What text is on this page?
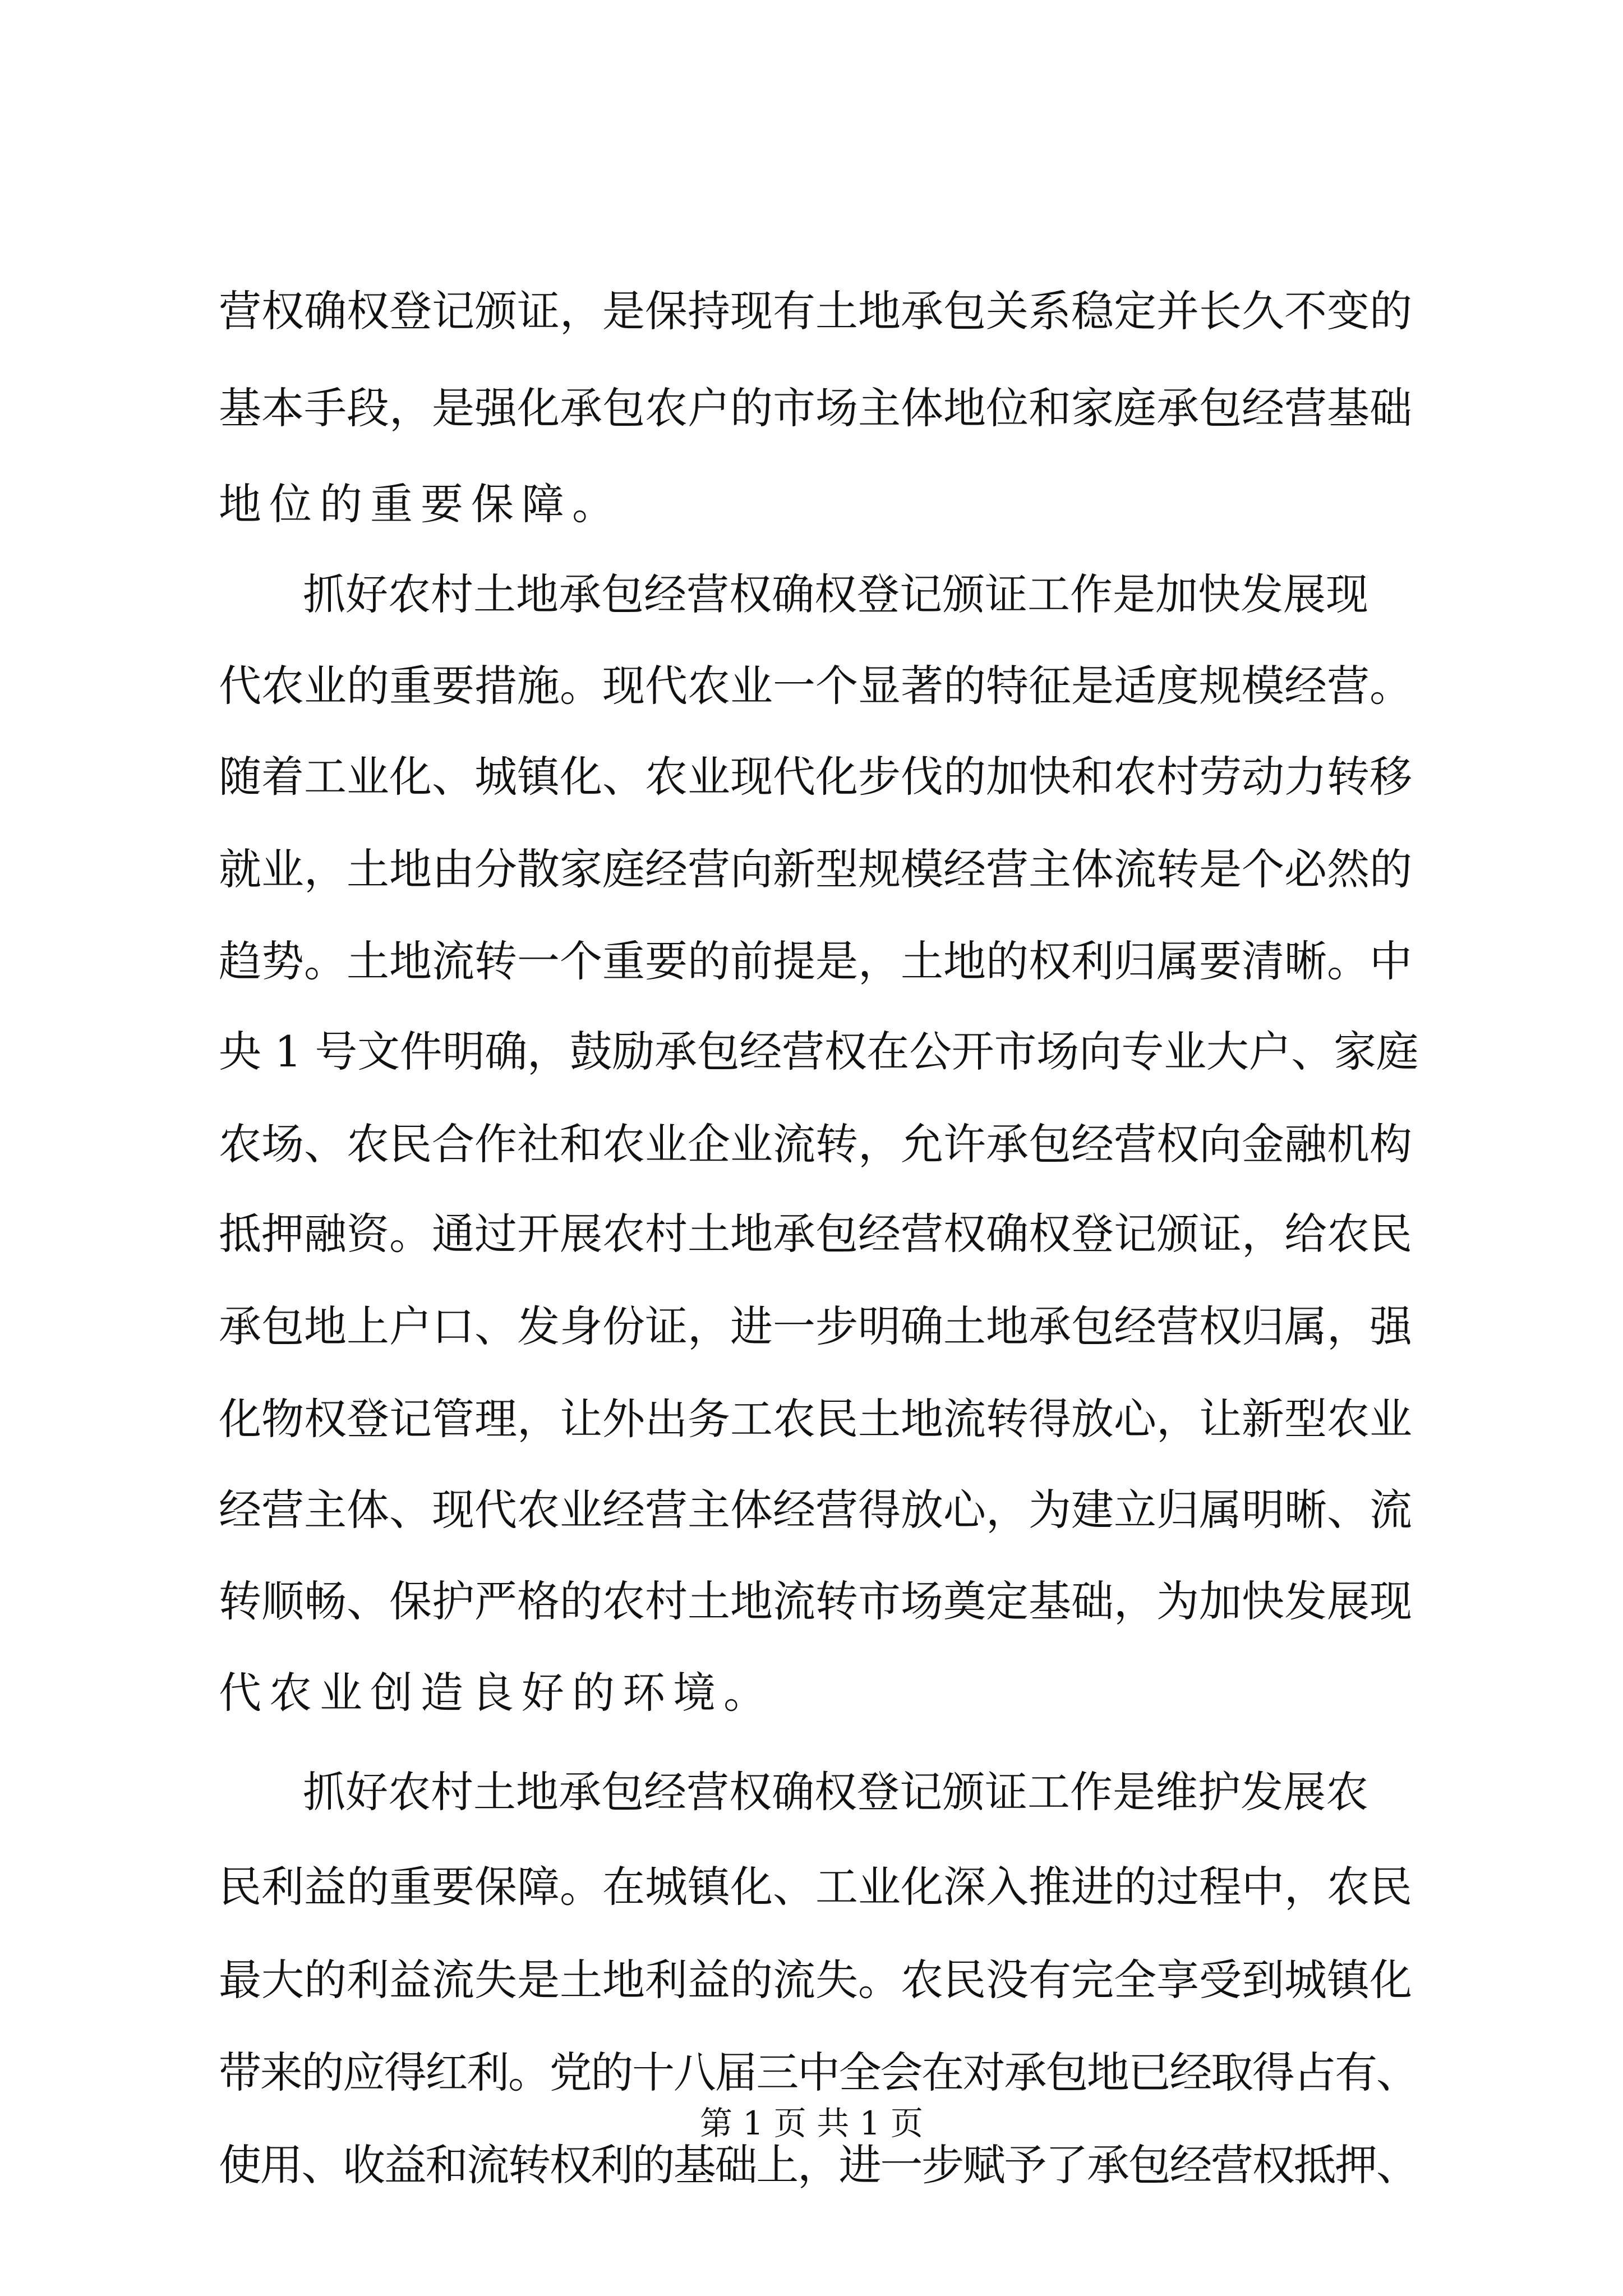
营权确权登记颁证，是保持现有土地承包关系稳定并长久不变的
基本手段，是强化承包农户的市场主体地位和家庭承包经营基础
地位的重要保障。
抓好农村土地承包经营权确权登记颁证工作是加快发展现
代农业的重要措施。现代农业一个显著的特征是适度规模经营。
随着工业化、城镇化、农业现代化步伐的加快和农村劳动力转移
就业，土地由分散家庭经营向新型规模经营主体流转是个必然的
趋势。土地流转一个重要的前提是，土地的权利归属要清晰。中
央 1 号文件明确，鼓励承包经营权在公开市场向专业大户、家庭
农场、农民合作社和农业企业流转，允许承包经营权向金融机构
抵押融资。通过开展农村土地承包经营权确权登记颁证，给农民
承包地上户口、发身份证，进一步明确土地承包经营权归属，强
化物权登记管理，让外出务工农民土地流转得放心，让新型农业
经营主体、现代农业经营主体经营得放心，为建立归属明晰、流
转顺畅、保护严格的农村土地流转市场奠定基础，为加快发展现
代农业创造良好的环境。
抓好农村土地承包经营权确权登记颁证工作是维护发展农
民利益的重要保障。在城镇化、工业化深入推进的过程中，农民
最大的利益流失是土地利益的流失。农民没有完全享受到城镇化
带来的应得红利。党的十八届三中全会在对承包地已经取得占有、
使用、收益和流转权利的基础上，进一步赋予了承包经营权抵押、
第 1 页 共 1 页
